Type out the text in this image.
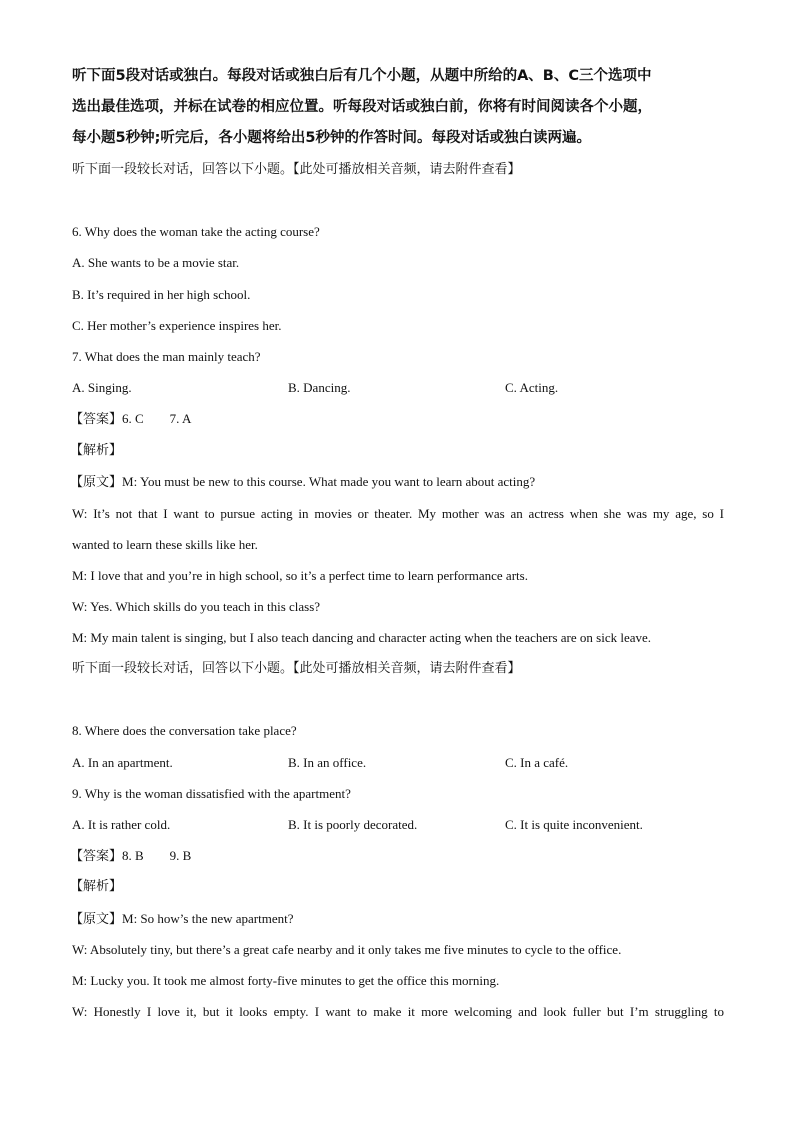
听下面5段对话或独白。每段对话或独白后有几个小题，从题中所给的A、B、C三个选项中
选出最佳选项，并标在试卷的相应位置。听每段对话或独白前，你将有时间阅读各个小题，
每小题5秒钟;听完后，各小题将给出5秒钟的作答时间。每段对话或独白读两遍。
听下面一段较长对话，回答以下小题。【此处可播放相关音频，请去附件查看】
6. Why does the woman take the acting course?
A. She wants to be a movie star.
B. It’s required in her high school.
C. Her mother’s experience inspires her.
7. What does the man mainly teach?
A. Singing.	B. Dancing.	C. Acting.
【答案】6. C        7. A
【解析】
【原文】M: You must be new to this course. What made you want to learn about acting?
W: It’s not that I want to pursue acting in movies or theater. My mother was an actress when she was my age, so I
wanted to learn these skills like her.
M: I love that and you’re in high school, so it’s a perfect time to learn performance arts.
W: Yes. Which skills do you teach in this class?
M: My main talent is singing, but I also teach dancing and character acting when the teachers are on sick leave.
听下面一段较长对话，回答以下小题。【此处可播放相关音频，请去附件查看】
8. Where does the conversation take place?
A. In an apartment.	B. In an office.	C. In a café.
9. Why is the woman dissatisfied with the apartment?
A. It is rather cold.	B. It is poorly decorated.	C. It is quite inconvenient.
【答案】8. B        9. B
【解析】
【原文】M: So how’s the new apartment?
W: Absolutely tiny, but there’s a great cafe nearby and it only takes me five minutes to cycle to the office.
M: Lucky you. It took me almost forty-five minutes to get the office this morning.
W: Honestly I love it, but it looks empty. I want to make it more welcoming and look fuller but I’m struggling to
